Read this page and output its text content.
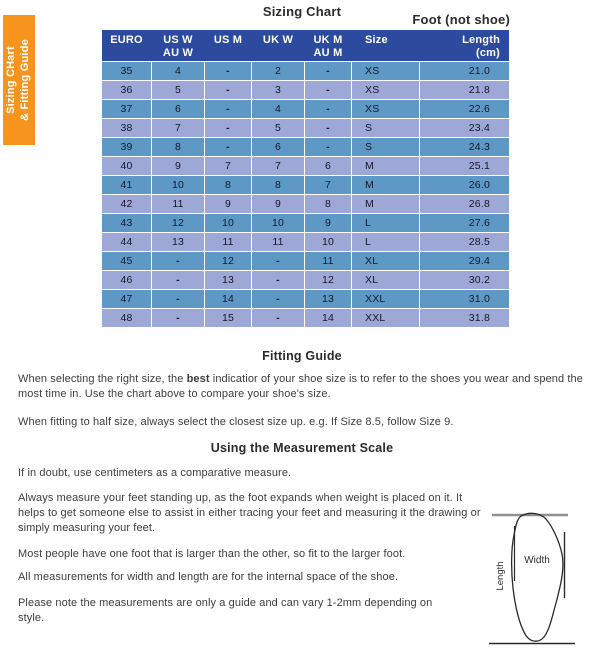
Sizing CHart & Fitting Guide
Sizing Chart
Foot (not shoe)
EURO	US W
AU W
US M	UK W	UK M
AU M
Size	Length
(cm)
35	4	-	2	-	XS	21.0
36	5	-	3	-	XS	21.8
37	6	-	4	-	XS	22.6
38	7	-	5	-	S	23.4
39	8	-	6	-	S	24.3
40	9	7	7	6	M	25.1
41	10	8	8	7	M	26.0
42	11	9	9	8	M	26.8
43	12	10	10	9	L	27.6
44	13	11	11	10	L	28.5
45	-	12	-	11	XL	29.4
46	-	13	-	12	XL	30.2
47	-	14	-	13	XXL	31.0
48	-	15	-	14	XXL	31.8
Fitting Guide

When selecting the right size, the best indicatior of your shoe size is to refer to the shoes you wear and spend the most time in. Use the chart above to compare your shoe's size.

When fitting to half size, always select the closest size up. e.g. If Size 8.5, follow Size 9.

Using the Measurement Scale

If in doubt, use centimeters as a comparative measure.

Always measure your feet standing up, as the foot expands when weight is placed on it. It helps to get someone else to assist in either tracing your feet and measuring it the drawing or simply measuring your feet.

Most people have one foot that is larger than the other, so fit to the larger foot.

All measurements for width and length are for the internal space of the shoe.

Please note the measurements are only a guide and can vary 1-2mm depending on style.

Width
Length
